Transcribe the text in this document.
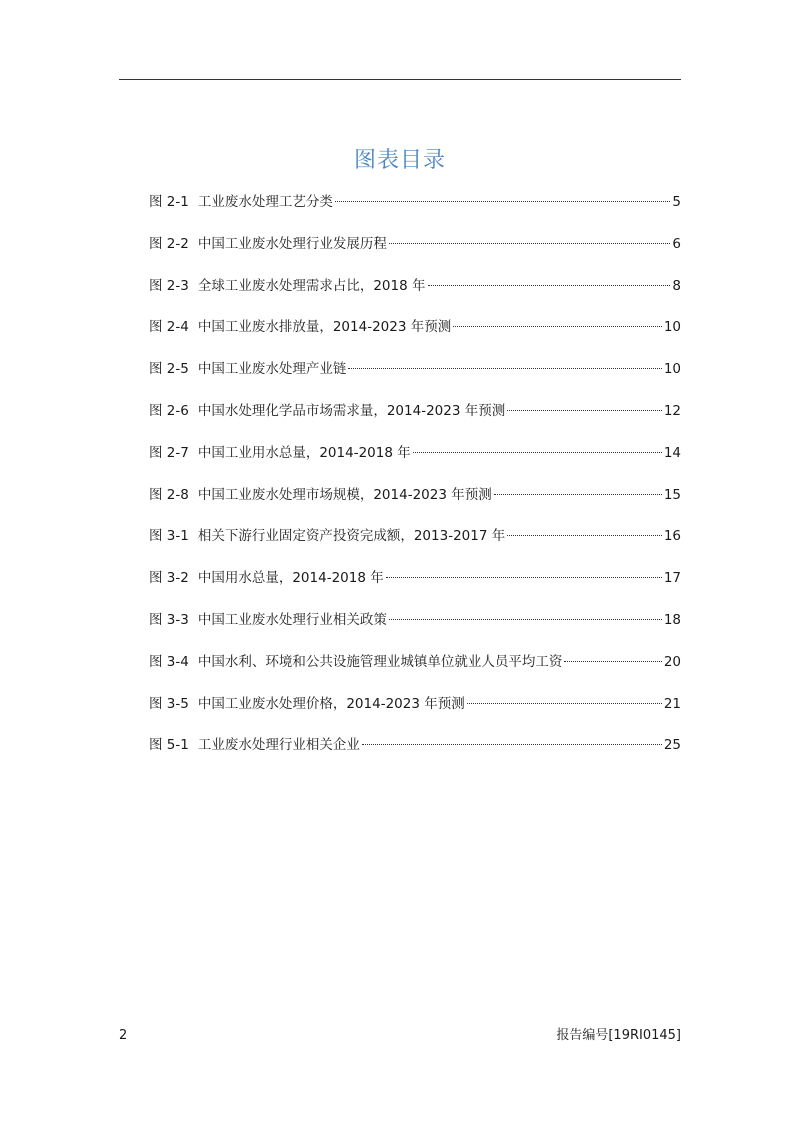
图表目录
图 2-1 工业废水处理工艺分类	5
图 2-2 中国工业废水处理行业发展历程	6
图 2-3 全球工业废水处理需求占比，2018 年	8
图 2-4 中国工业废水排放量，2014-2023 年预测	10
图 2-5 中国工业废水处理产业链	10
图 2-6 中国水处理化学品市场需求量，2014-2023 年预测	12
图 2-7 中国工业用水总量，2014-2018 年	14
图 2-8 中国工业废水处理市场规模，2014-2023 年预测	15
图 3-1 相关下游行业固定资产投资完成额，2013-2017 年	16
图 3-2 中国用水总量，2014-2018 年	17
图 3-3 中国工业废水处理行业相关政策	18
图 3-4 中国水利、环境和公共设施管理业城镇单位就业人员平均工资	20
图 3-5 中国工业废水处理价格，2014-2023 年预测	21
图 5-1 工业废水处理行业相关企业	25
2	报告编号[19RI0145]
